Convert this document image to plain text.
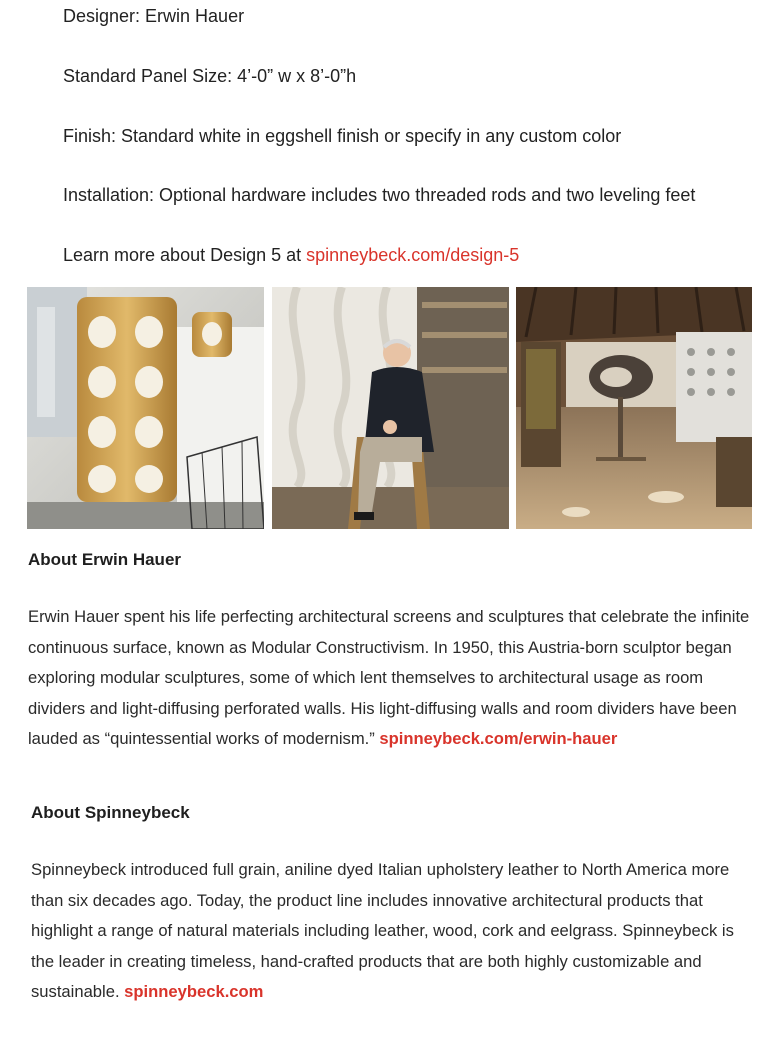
Designer: Erwin Hauer

Standard Panel Size: 4’-0” w x 8’-0”h

Finish: Standard white in eggshell finish or specify in any custom color

Installation: Optional hardware includes two threaded rods and two leveling feet

Learn more about Design 5 at spinneybeck.com/design-5

About Erwin Hauer

Erwin Hauer spent his life perfecting architectural screens and sculptures that celebrate the infinite continuous surface, known as Modular Constructivism. In 1950, this Austria-born sculptor began exploring modular sculptures, some of which lent themselves to architectural usage as room dividers and light-diffusing perforated walls. His light-diffusing walls and room dividers have been lauded as “quintessential works of modernism.” spinneybeck.com/erwin-hauer

About Spinneybeck

Spinneybeck introduced full grain, aniline dyed Italian upholstery leather to North America more than six decades ago. Today, the product line includes innovative architectural products that highlight a range of natural materials including leather, wood, cork and eelgrass. Spinneybeck is the leader in creating timeless, hand-crafted products that are both highly customizable and sustainable. spinneybeck.com
